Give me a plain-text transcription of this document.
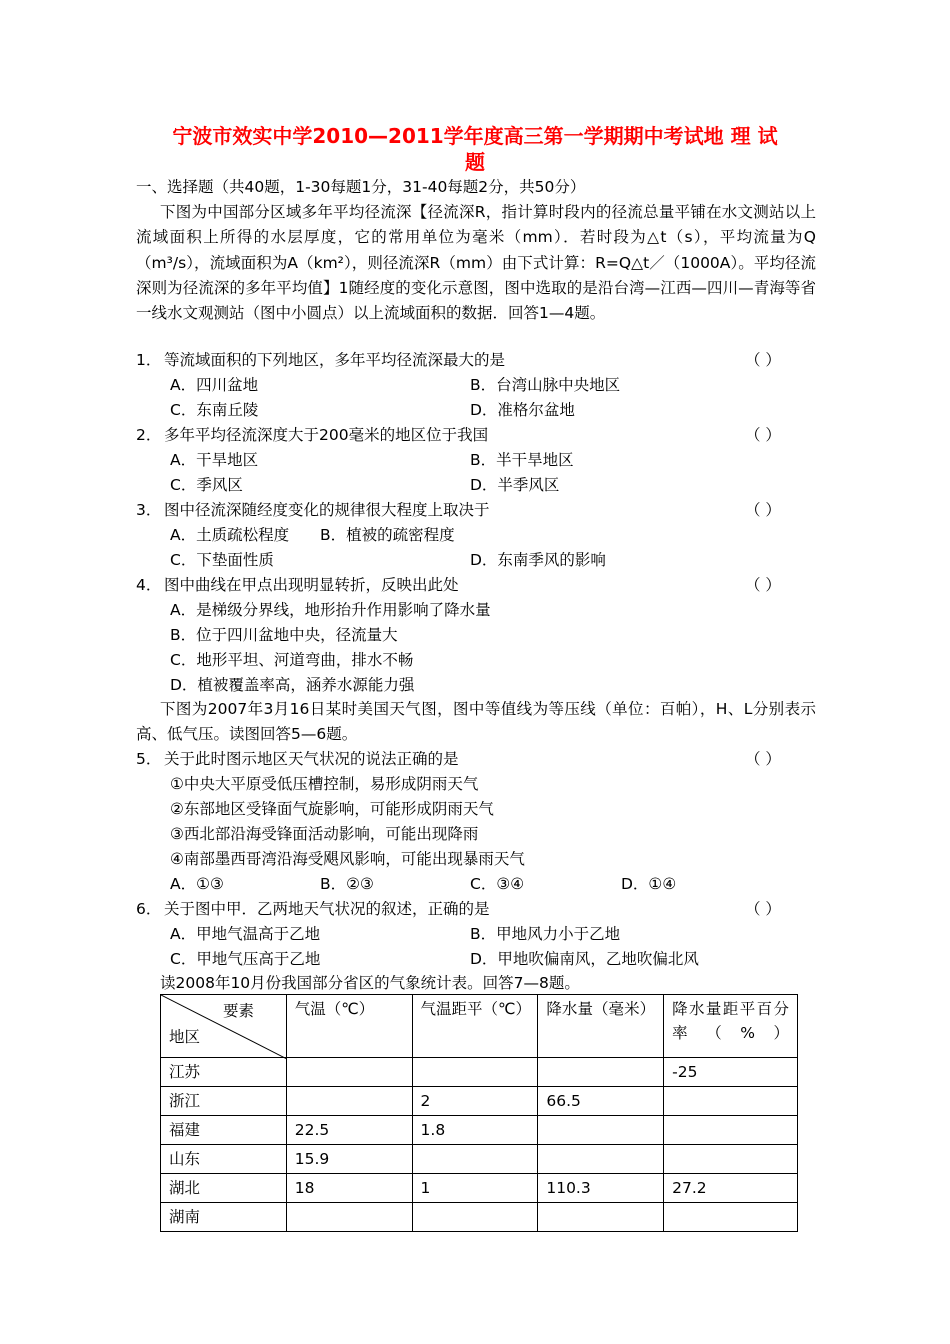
宁波市效实中学2010—2011学年度高三第一学期期中考试地 理 试
题
一、选择题（共40题，1-30每题1分，31-40每题2分，共50分）
下图为中国部分区域多年平均径流深【径流深R，指计算时段内的径流总量平铺在水文测站以上流域面积上所得的水层厚度，它的常用单位为毫米（mm）．若时段为△t（s），平均流量为Q（m³/s），流域面积为A（km²），则径流深R（mm）由下式计算：R=Q△t／（1000A）。平均径流深则为径流深的多年平均值】1随经度的变化示意图，图中选取的是沿台湾—江西—四川—青海等省一线水文观测站（图中小圆点）以上流域面积的数据．回答1—4题。
1． 等流域面积的下列地区，多年平均径流深最大的是	（ ）
A．四川盆地	B．台湾山脉中央地区
C．东南丘陵	D．准格尔盆地
2． 多年平均径流深度大于200毫米的地区位于我国	（ ）
A．干旱地区	B．半干旱地区
C．季风区	D．半季风区
3． 图中径流深随经度变化的规律很大程度上取决于	（ ）
A．土质疏松程度 B．植被的疏密程度
C．下垫面性质	D．东南季风的影响
4． 图中曲线在甲点出现明显转折，反映出此处	（ ）
A．是梯级分界线，地形抬升作用影响了降水量
B．位于四川盆地中央，径流量大
C．地形平坦、河道弯曲，排水不畅
D．植被覆盖率高，涵养水源能力强
下图为2007年3月16日某时美国天气图，图中等值线为等压线（单位：百帕），H、L分别表示高、低气压。读图回答5—6题。
5． 关于此时图示地区天气状况的说法正确的是	（ ）
①中央大平原受低压槽控制，易形成阴雨天气
②东部地区受锋面气旋影响，可能形成阴雨天气
③西北部沿海受锋面活动影响，可能出现降雨
④南部墨西哥湾沿海受飓风影响，可能出现暴雨天气
A．①③	B．②③	C．③④	D．①④
6． 关于图中甲．乙两地天气状况的叙述，正确的是	（ ）
A．甲地气温高于乙地	B．甲地风力小于乙地
C．甲地气压高于乙地	D．甲地吹偏南风，乙地吹偏北风
读2008年10月份我国部分省区的气象统计表。回答7—8题。
要素
地区	气温（℃）	气温距平（℃）	降水量（毫米）	降水量距平百分率（%）
江苏				-25
浙江		2	66.5	
福建	22.5	1.8		
山东	15.9			
湖北	18	1	110.3	27.2
湖南				
